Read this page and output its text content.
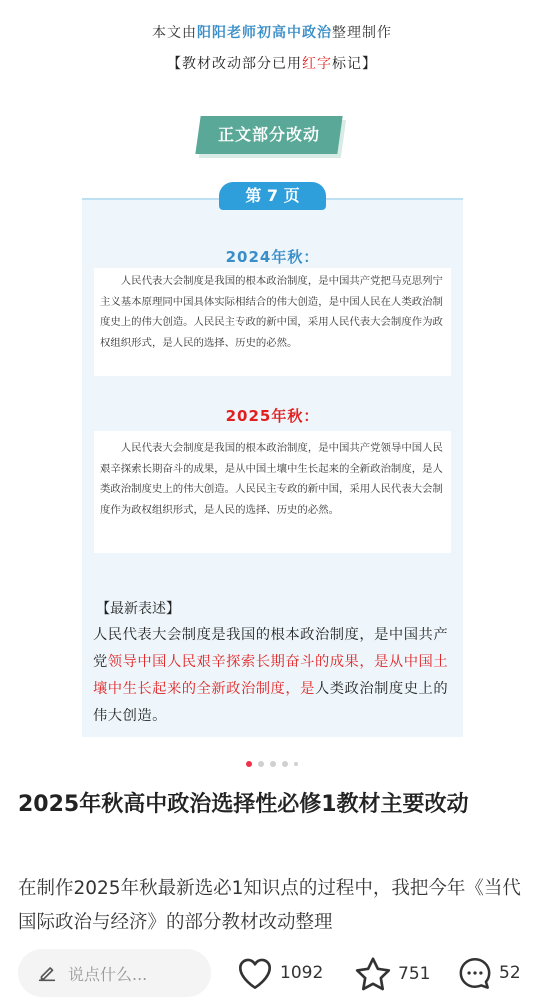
本文由阳阳老师初高中政治整理制作
【教材改动部分已用红字标记】
正文部分改动
第 7 页
2024年秋：
人民代表大会制度是我国的根本政治制度，是中国共产党把马克思列宁主义基本原理同中国具体实际相结合的伟大创造，是中国人民在人类政治制度史上的伟大创造。人民民主专政的新中国，采用人民代表大会制度作为政权组织形式，是人民的选择、历史的必然。
2025年秋：
人民代表大会制度是我国的根本政治制度，是中国共产党领导中国人民艰辛探索长期奋斗的成果，是从中国土壤中生长起来的全新政治制度，是人类政治制度史上的伟大创造。人民民主专政的新中国，采用人民代表大会制度作为政权组织形式，是人民的选择、历史的必然。
【最新表述】
人民代表大会制度是我国的根本政治制度，是中国共产党领导中国人民艰辛探索长期奋斗的成果，是从中国土壤中生长起来的全新政治制度，是人类政治制度史上的伟大创造。
2025年秋高中政治选择性必修1教材主要改动
在制作2025年秋最新选必1知识点的过程中，我把今年《当代国际政治与经济》的部分教材改动整理
说点什么...	1092	751	52
